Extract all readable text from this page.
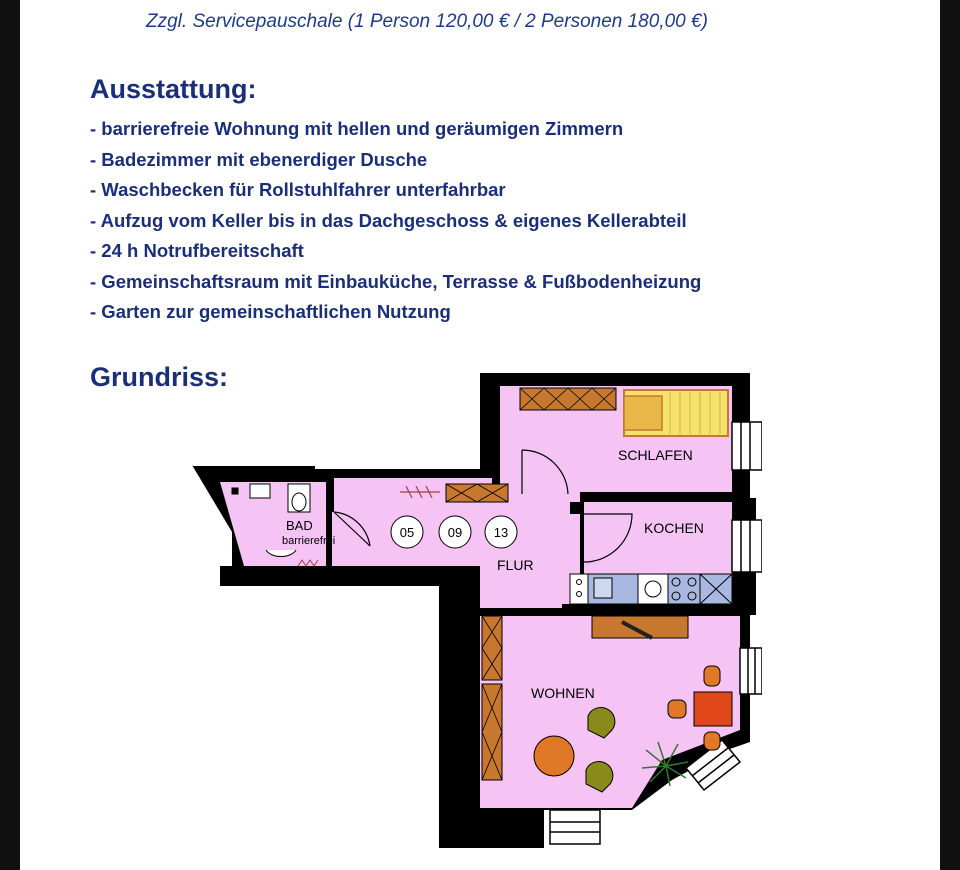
Zzgl. Servicepauschale (1 Person 120,00 € / 2 Personen 180,00 €)

Ausstattung:
- barrierefreie Wohnung mit hellen und geräumigen Zimmern
- Badezimmer mit ebenerdiger Dusche
- Waschbecken für Rollstuhlfahrer unterfahrbar
- Aufzug vom Keller bis in das Dachgeschoss & eigenes Kellerabteil
- 24 h Notrufbereitschaft
- Gemeinschaftsraum mit Einbauküche, Terrasse & Fußbodenheizung
- Garten zur gemeinschaftlichen Nutzung
Grundriss:
05	09 13
SCHLAFEN
KOCHEN
FLUR
WOHNEN
BAD
barrierefrei
